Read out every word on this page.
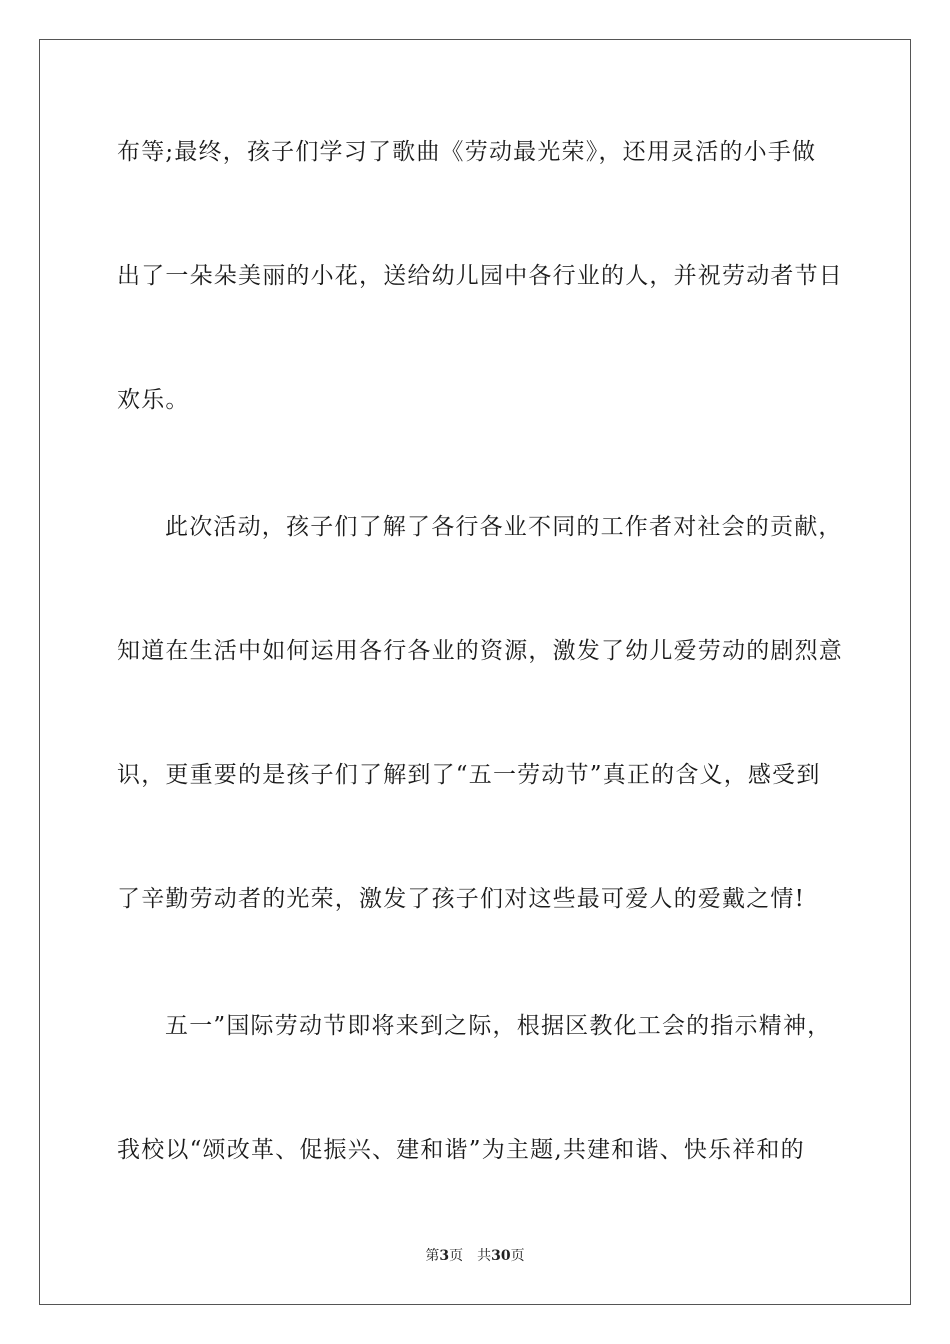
布等;最终，孩子们学习了歌曲《劳动最光荣》，还用灵活的小手做
出了一朵朵美丽的小花，送给幼儿园中各行业的人，并祝劳动者节日
欢乐。
此次活动，孩子们了解了各行各业不同的工作者对社会的贡献，
知道在生活中如何运用各行各业的资源，激发了幼儿爱劳动的剧烈意
识，更重要的是孩子们了解到了“五一劳动节”真正的含义，感受到
了辛勤劳动者的光荣，激发了孩子们对这些最可爱人的爱戴之情!
五一”国际劳动节即将来到之际，根据区教化工会的指示精神，
我校以“颂改革、促振兴、建和谐”为主题,共建和谐、快乐祥和的
第3页 共30页
